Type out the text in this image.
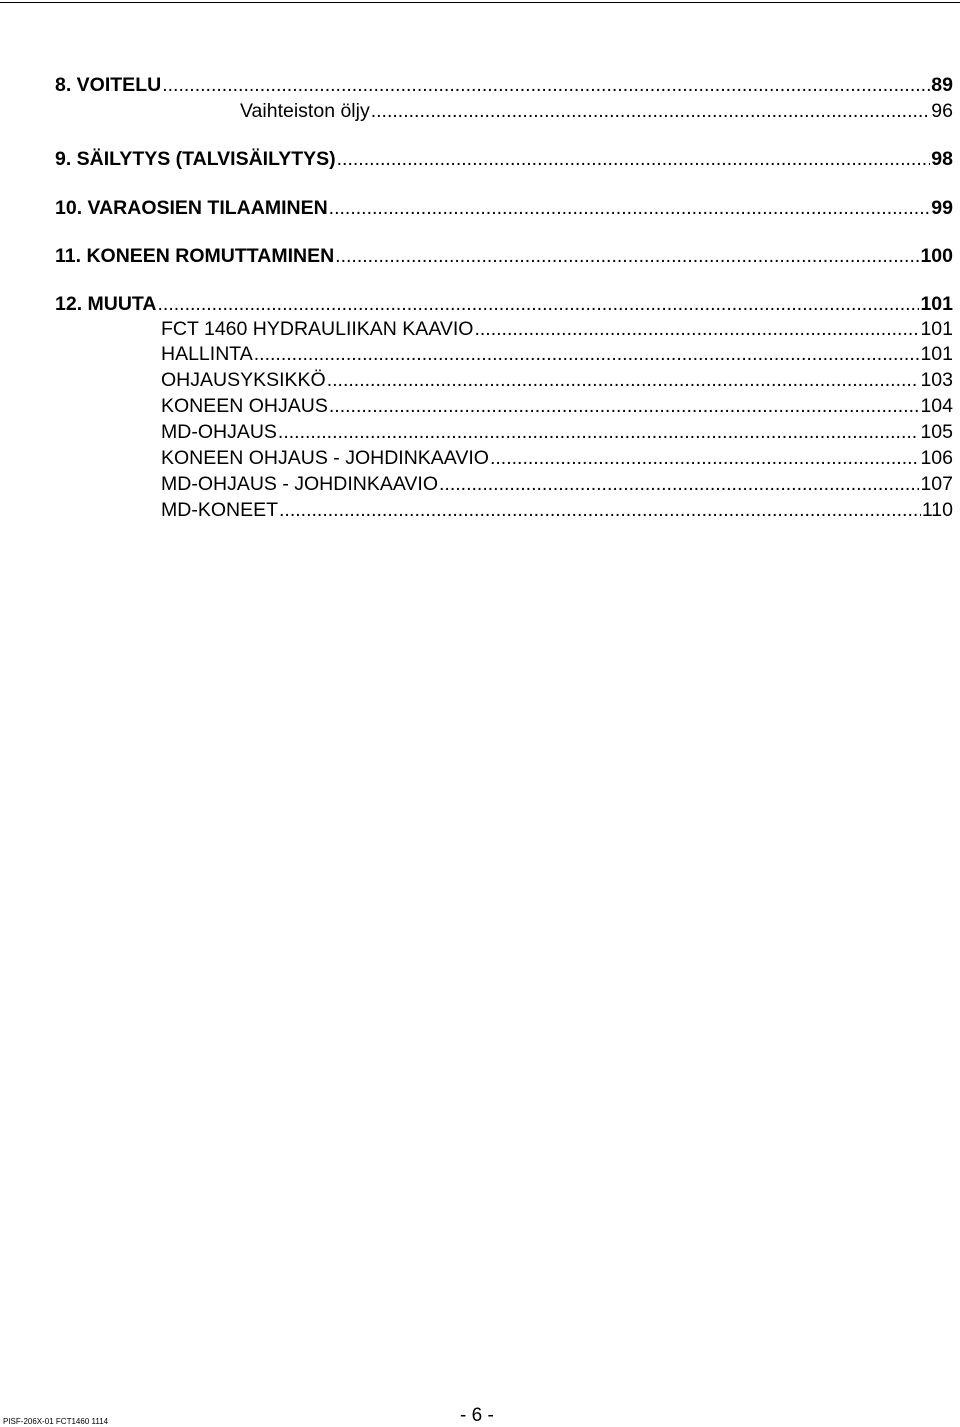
8. VOITELU .....	89
Vaihteiston öljy .....	96
9. SÄILYTYS (TALVISÄILYTYS) .....	98
10. VARAOSIEN TILAAMINEN .....	99
11. KONEEN ROMUTTAMINEN .....	100
12. MUUTA .....	101
FCT 1460 HYDRAULIIKAN KAAVIO .....	101
HALLINTA .....	101
OHJAUSYKSIKKÖ .....	103
KONEEN OHJAUS .....	104
MD-OHJAUS .....	105
KONEEN OHJAUS - JOHDINKAAVIO .....	106
MD-OHJAUS - JOHDINKAAVIO .....	107
MD-KONEET .....	110
PISF-206X-01 FCT1460 1114	- 6 -
